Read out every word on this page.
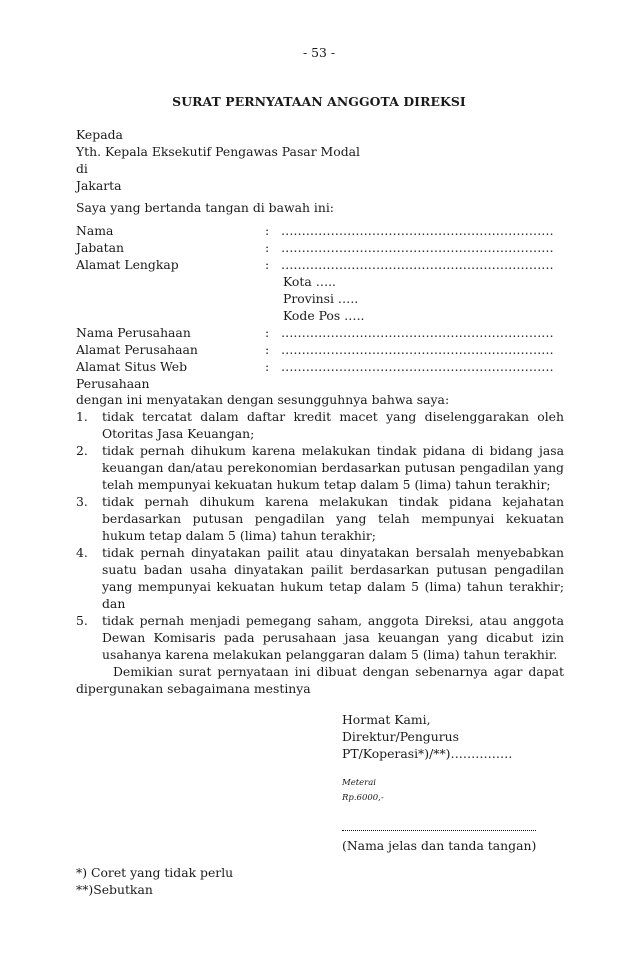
- 53 -
SURAT PERNYATAAN ANGGOTA DIREKSI
Kepada
Yth. Kepala Eksekutif Pengawas Pasar Modal
di
Jakarta
Saya yang bertanda tangan di bawah ini:
Nama	: …………………………………………………………
Jabatan	: …………………………………………………………
Alamat Lengkap	: …………………………………………………………
Kota …..
Provinsi …..
Kode Pos …..
Nama Perusahaan	: …………………………………………………………
Alamat Perusahaan	: …………………………………………………………
Alamat Situs Web	: …………………………………………………………
Perusahaan
dengan ini menyatakan dengan sesungguhnya bahwa saya:
1. tidak tercatat dalam daftar kredit macet yang diselenggarakan oleh Otoritas Jasa Keuangan;
2. tidak pernah dihukum karena melakukan tindak pidana di bidang jasa keuangan dan/atau perekonomian berdasarkan putusan pengadilan yang telah mempunyai kekuatan hukum tetap dalam 5 (lima) tahun terakhir;
3. tidak pernah dihukum karena melakukan tindak pidana kejahatan berdasarkan putusan pengadilan yang telah mempunyai kekuatan hukum tetap dalam 5 (lima) tahun terakhir;
4. tidak pernah dinyatakan pailit atau dinyatakan bersalah menyebabkan suatu badan usaha dinyatakan pailit berdasarkan putusan pengadilan yang mempunyai kekuatan hukum tetap dalam 5 (lima) tahun terakhir; dan
5. tidak pernah menjadi pemegang saham, anggota Direksi, atau anggota Dewan Komisaris pada perusahaan jasa keuangan yang dicabut izin usahanya karena melakukan pelanggaran dalam 5 (lima) tahun terakhir.
Demikian surat pernyataan ini dibuat dengan sebenarnya agar dapat dipergunakan sebagaimana mestinya
Hormat Kami,
Direktur/Pengurus
PT/Koperasi*)/**)……………
Meterai
Rp.6000,-
(Nama jelas dan tanda tangan)
*) Coret yang tidak perlu
**)Sebutkan
